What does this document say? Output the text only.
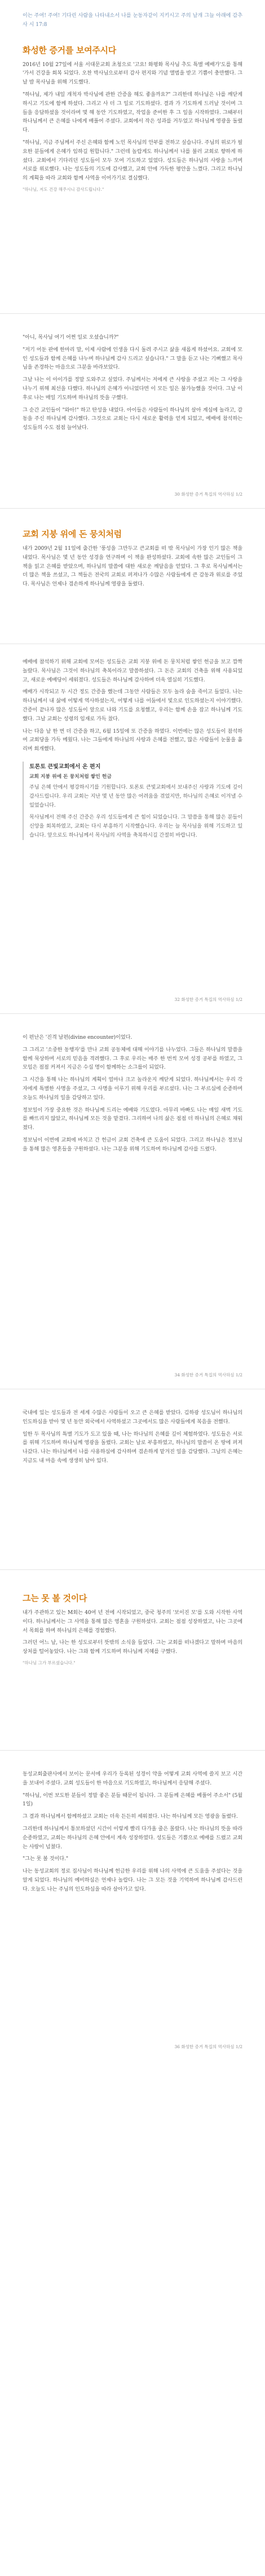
이는 주여! 주여! 기다린 사람을 나타내소서 나를 눈동자같이 지키시고 주의 날개 그늘 아래에 감추사 시 17:8
화성한 증거를 보여주시다
2016년 10월 27일에 서울 서대문교회 초청으로 '고요! 화평화 목사님 추도 특별 예배가'도를 통해 '가서 건강을 회복 되었다. 오찬 박사님으로부터 감사 편지와 기념 앨범을 받고 기쁨이 충만했다. 그날 밤 목사님을 위해 기도했다.
"하나님, 제가 내일 개척자 박사님에 관한 간증을 해도 좋을까요?" 그리한데 하나님은 나를 깨닫게 하시고 기도에 함께 하셨다. 그리고 사 더 그 일로 기도하셨다. 결과 가 기도하게 드러날 것이며 그들을 응답하셨을 것이라며 몇 해 동안 기도하였고, 작업을 준비한 후 그 일을 시작하였다. 그때부터 하나님께서 큰 은혜를 나에게 배풀어 주셨다. 교회에서 작은 성과를 거두었고 하나님께 영광을 돌렸다.
"하나님, 지금 주님께서 주신 은혜와 함께 노인 목사님의 안부를 전하고 싶습니다. 주님의 위로가 필요한 분들에게 은혜가 임하길 원합니다." 그런데 놀랍게도 하나님께서 나를 불러 교회로 향하게 하셨다. 교회에서 기다리던 성도들이 모두 모여 기도하고 있었다. 성도들은 하나님의 사랑을 느끼며 서로를 위로했다. 나는 성도들의 기도에 감사했고, 교회 안에 가득한 평안을 느꼈다. 그리고 하나님의 계획을 따라 교회와 함께 사역을 이어가기로 결심했다.
"하나님, 저도 건강 해주시니 감사드립니다."
"아니, 목사님 여기 어쩐 일로 오셨습니까?"
"저기 어둔 판에 한마리 말, 이제 사람에 인생을 다시 돌려 주시고 삶을 새롭게 하셨어요. 교회에 모인 성도들과 함께 은혜를 나누며 하나님께 감사 드리고 싶습니다." 그 말을 듣고 나는 기뻐했고 목사님을 존경하는 마음으로 그분을 바라보았다.
그날 나는 이 아이가를 정말 도와주고 싶었다. 주님께서는 저에게 큰 사랑을 주셨고 저는 그 사랑을 나누기 위해 최선을 다했다. 하나님의 은혜가 아니었다면 이 모든 일은 불가능했을 것이다. 그날 이후로 나는 매일 기도하며 하나님의 뜻을 구했다.
그 순간 교인들이 "와아!" 하고 탄성을 내었다. 아이들은 사람들이 하나님의 살아 계심에 놀라고, 감동을 주신 하나님께 감사했다. 그것으로 교회는 다시 새로운 활력을 얻게 되었고, 예배에 참석하는 성도들의 수도 점점 늘어났다.
30 화성한 증거 특집의 역사하심 1/2
교회 지붕 위에 돈 뭉치처럼
내가 2009년 2월 11일에 출간한 '풍성을 그만두고 큰교회를 떠 밖 목사님이 가장 인기 많은 책을 내었다. 목사님은 몇 년 동안 성경을 연구하며 이 책을 완성하셨다. 교회에 속한 많은 교인들이 그 책을 읽고 은혜를 받았으며, 하나님의 말씀에 대한 새로운 깨달음을 얻었다. 그 후로 목사님께서는 더 많은 책을 쓰셨고, 그 책들은 전국의 교회로 퍼져나가 수많은 사람들에게 큰 감동과 위로를 주었다. 목사님은 언제나 겸손하게 하나님께 영광을 돌렸다.
예배에 참석하기 위해 교회에 모여든 성도들은 교회 지붕 위에 돈 뭉치처럼 쌓인 헌금을 보고 깜짝 놀랐다. 목사님은 그것이 하나님의 축복이라고 말씀하셨다. 그 돈은 교회의 건축을 위해 사용되었고, 새로운 예배당이 세워졌다. 성도들은 하나님께 감사하며 더욱 열심히 기도했다.
예배가 시작되고 두 시간 정도 간증을 했는데 그동안 사람들은 모두 놀라 숨을 죽이고 들었다. 나는 하나님께서 내 삶에 어떻게 역사하셨는지, 어떻게 나를 어둠에서 빛으로 인도하셨는지 이야기했다. 간증이 끝나자 많은 성도들이 앞으로 나와 기도를 요청했고, 우리는 함께 손을 잡고 하나님께 기도했다. 그날 교회는 성령의 임재로 가득 찼다.
나는 다음 날 한 번 더 간증을 하고, 6월 15일에 또 간증을 하였다. 이번에는 많은 성도들이 참석하여 교회당을 가득 메웠다. 나는 그들에게 하나님의 사랑과 은혜를 전했고, 많은 사람들이 눈물을 흘리며 회개했다.
토론토 큰빛교회에서 온 편지
교회 지붕 위에 돈 뭉치처럼 쌓인 헌금
주님 은혜 안에서 평강하시기를 기원합니다. 토론토 큰빛교회에서 보내주신 사랑과 기도에 깊이 감사드립니다. 우리 교회는 지난 몇 년 동안 많은 어려움을 겪었지만, 하나님의 은혜로 이겨낼 수 있었습니다.
목사님께서 전해 주신 간증은 우리 성도들에게 큰 힘이 되었습니다. 그 말씀을 통해 많은 분들이 신앙을 회복하였고, 교회는 다시 부흥하기 시작했습니다. 우리는 늘 목사님을 위해 기도하고 있습니다. 앞으로도 하나님께서 목사님의 사역을 축복하시길 간절히 바랍니다.
32 화성한 증거 특집의 역사하심 1/2
이 편난은 '진격 남편(divine encounter)이었다.
그 그리고 '소중한 동행자'를 만나 교회 공동체에 대해 이야기를 나누었다. 그들은 하나님의 말씀을 함께 묵상하며 서로의 믿음을 격려했다. 그 후로 우리는 매주 한 번씩 모여 성경 공부를 하였고, 그 모임은 점점 커져서 지금은 수십 명이 함께하는 소그룹이 되었다.
그 시간을 통해 나는 하나님의 계획이 얼마나 크고 놀라운지 깨닫게 되었다. 하나님께서는 우리 각자에게 특별한 사명을 주셨고, 그 사명을 이루기 위해 우리를 부르셨다. 나는 그 부르심에 순종하며 오늘도 하나님의 일을 감당하고 있다.
정보일이 가장 중요한 것은 하나님께 드리는 예배와 기도였다. 아무리 바빠도 나는 매일 새벽 기도를 빠뜨리지 않았고, 하나님께 모든 것을 맡겼다. 그리하여 나의 삶은 점점 더 하나님의 은혜로 채워졌다.
정보님이 이번에 교회에 바치고 간 헌금이 교회 건축에 큰 도움이 되었다. 그리고 하나님은 정보님을 통해 많은 영혼들을 구원하셨다. 나는 그분을 위해 기도하며 하나님께 감사를 드렸다.
34 화성한 증거 특집의 역사하심 1/2
국내에 있는 성도들과 전 세계 수많은 사람들이 오고 큰 은혜를 받았다. 김하광 성도님이 하나님의 인도하심을 받아 몇 년 동안 외국에서 사역하셨고 그곳에서도 많은 사람들에게 복음을 전했다.
일한 두 목사님의 특별 기도가 도고 있을 때, 나는 하나님의 은혜를 깊이 체험하였다. 성도들은 서로를 위해 기도하며 하나님께 영광을 돌렸다. 교회는 날로 부흥하였고, 하나님의 말씀이 온 땅에 퍼져 나갔다. 나는 하나님께서 나를 사용하심에 감사하며 겸손하게 맡겨진 일을 감당했다. 그날의 은혜는 지금도 내 마음 속에 생생히 남아 있다.
그는 못 볼 것이다
내가 주관하고 있는 M회는 40여 년 전에 시작되었고, 중국 청주의 '보이진 모'를 도와 시작한 사역이다. 하나님께서는 그 사역을 통해 많은 영혼을 구원하셨다. 교회는 점점 성장하였고, 나는 그곳에서 목회를 하며 하나님의 은혜를 경험했다.
그러던 어느 날, 나는 한 성도로부터 뜻밖의 소식을 들었다. 그는 교회를 떠나겠다고 말하며 마음의 상처를 털어놓았다. 나는 그와 함께 기도하며 하나님께 지혜를 구했다.
"하나님 그가 부르셨습니다."
동성교회출판사에서 보이는 문서에 우리가 등록된 성경이 약을 어떻게 교회 사역에 쓸지 보고 시간을 보내어 주셨다. 교회 성도들이 한 마음으로 기도하였고, 하나님께서 응답해 주셨다.
"하나님, 이번 보도한 분들이 정말 좋은 분들 때문이 됩니다. 그 분들께 은혜를 베풀어 주소서" (5월 1일)
그 결과 하나님께서 함께하셨고 교회는 더욱 든든히 세워졌다. 나는 하나님께 모든 영광을 돌렸다.
그리한데 하나님께서 통보하셨던 시간이 이렇게 빨리 다가올 줄은 몰랐다. 나는 하나님의 뜻을 따라 순종하였고, 교회는 하나님의 은혜 안에서 계속 성장하였다. 성도들은 기쁨으로 예배를 드렸고 교회는 사랑이 넘쳤다.
"그는 못 볼 것이다."
나는 동성교회의 정로 집사님이 하나님께 헌금한 우리를 위해 나의 사역에 큰 도움을 주셨다는 것을 알게 되었다. 하나님의 예비하심은 언제나 놀랍다. 나는 그 모든 것을 기억하며 하나님께 감사드린다. 오늘도 나는 주님의 인도하심을 따라 살아가고 있다.
36 화성한 증거 특집의 역사하심 1/2
